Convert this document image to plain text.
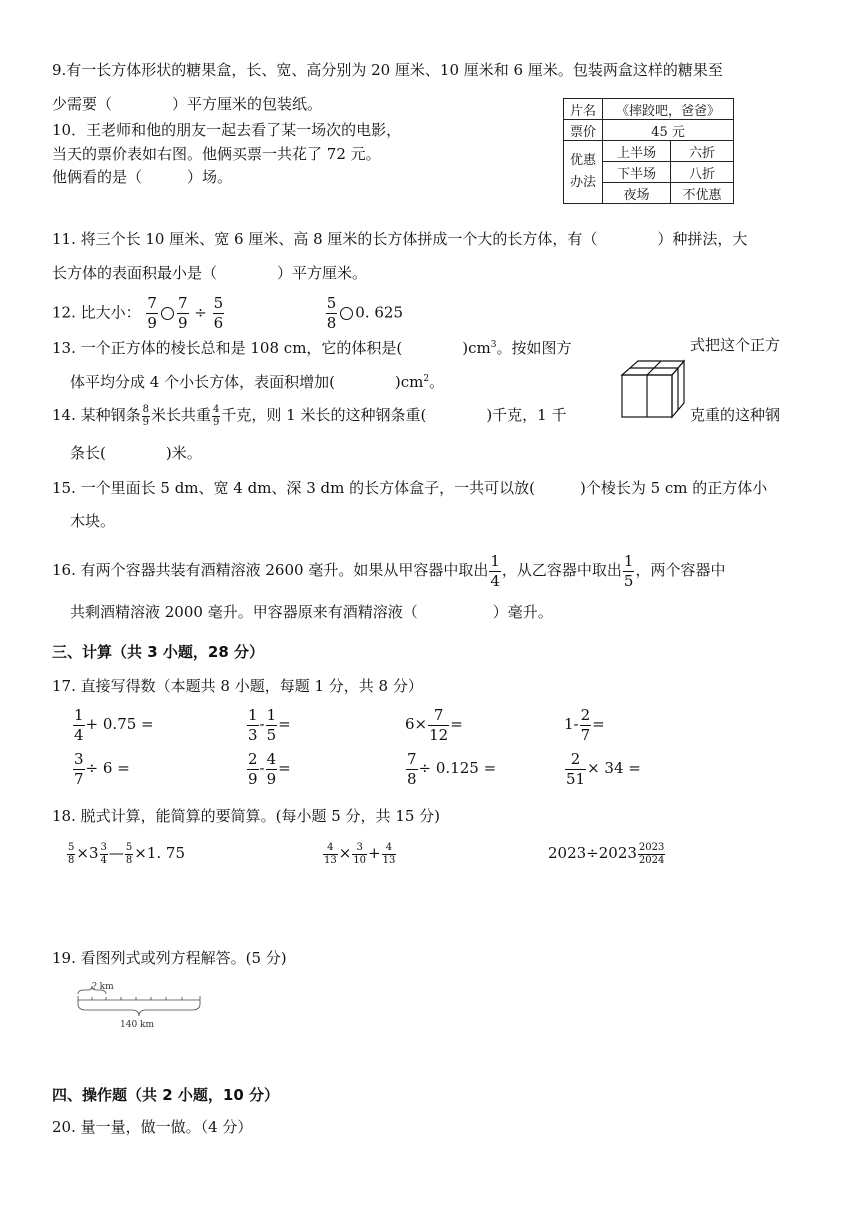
9.有一长方体形状的糖果盒，长、宽、高分别为 20 厘米、10 厘米和 6 厘米。包装两盒这样的糖果至
少需要（　　　　）平方厘米的包装纸。
10．王老师和他的朋友一起去看了某一场次的电影，
当天的票价表如右图。他俩买票一共花了 72 元。
他俩看的是（　　　）场。
片名	《摔跤吧，爸爸》	
票价	45 元	
优惠
办法	上半场	六折
	下半场	八折
	夜场	不优惠
11. 将三个长 10 厘米、宽 6 厘米、高 8 厘米的长方体拼成一个大的长方体，有（　　　　）种拼法，大
长方体的表面积最小是（　　　　）平方厘米。
12. 比大小： $\frac{7}{9} \frac{7}{9} \div \frac{5}{6}$
	$\frac{5}{8} 0$. 625
13. 一个正方体的棱长总和是 108 cm，它的体积是(　　　　)$cm^3$。按如图方	式把这个正方
体平均分成 4 个小长方体，表面积增加(　　　　)$cm^2$。
14. 某种钢条 $\frac{8}{9}$ 米长共重 $\frac{4}{9}$ 千克，则 1 米长的这种钢条重(　　　　)千克，1 千	克重的这种钢
条长(　　　　)米。
15. 一个里面长 5 dm、宽 4 dm、深 3 dm 的长方体盒子，一共可以放(　　　)个棱长为 5 cm 的正方体小
木块。
16. 有两个容器共装有酒精溶液 2600 毫升。如果从甲容器中取出 $\frac{1}{4}$ ，从乙容器中取出 $\frac{1}{5}$ ，两个容器中
共剩酒精溶液 2000 毫升。甲容器原来有酒精溶液（　　　　　）毫升。
三、计算（共 3 小题，28 分）
17. 直接写得数（本题共 8 小题，每题 1 分，共 8 分）
$\frac{1}{4} + 0.75$ =	$\frac{1}{3} - \frac{1}{5}$ =	$6\times \frac{7}{12}$ =	$1- \frac{2}{7}$ =
$\frac{3}{7} \div 6$ =	$\frac{2}{9} - \frac{4}{9}$ =	$\frac{7}{8} \div 0.125$ =	$\frac{2}{51} \times 34$ =
18. 脱式计算，能简算的要简算。(每小题 5 分，共 15 分)
$\frac{5}{8} \times 3 \frac{3}{4}$ — $\frac{5}{8} \times 1$. 75	$\frac{4}{13} \times \frac{3}{10} + \frac{4}{13}$	$2023\div 2023 \frac{2023}{2024}$
19. 看图列式或列方程解答。(5 分)
? km
140 km
四、操作题（共 2 小题，10 分）
20. 量一量，做一做。（4 分）
